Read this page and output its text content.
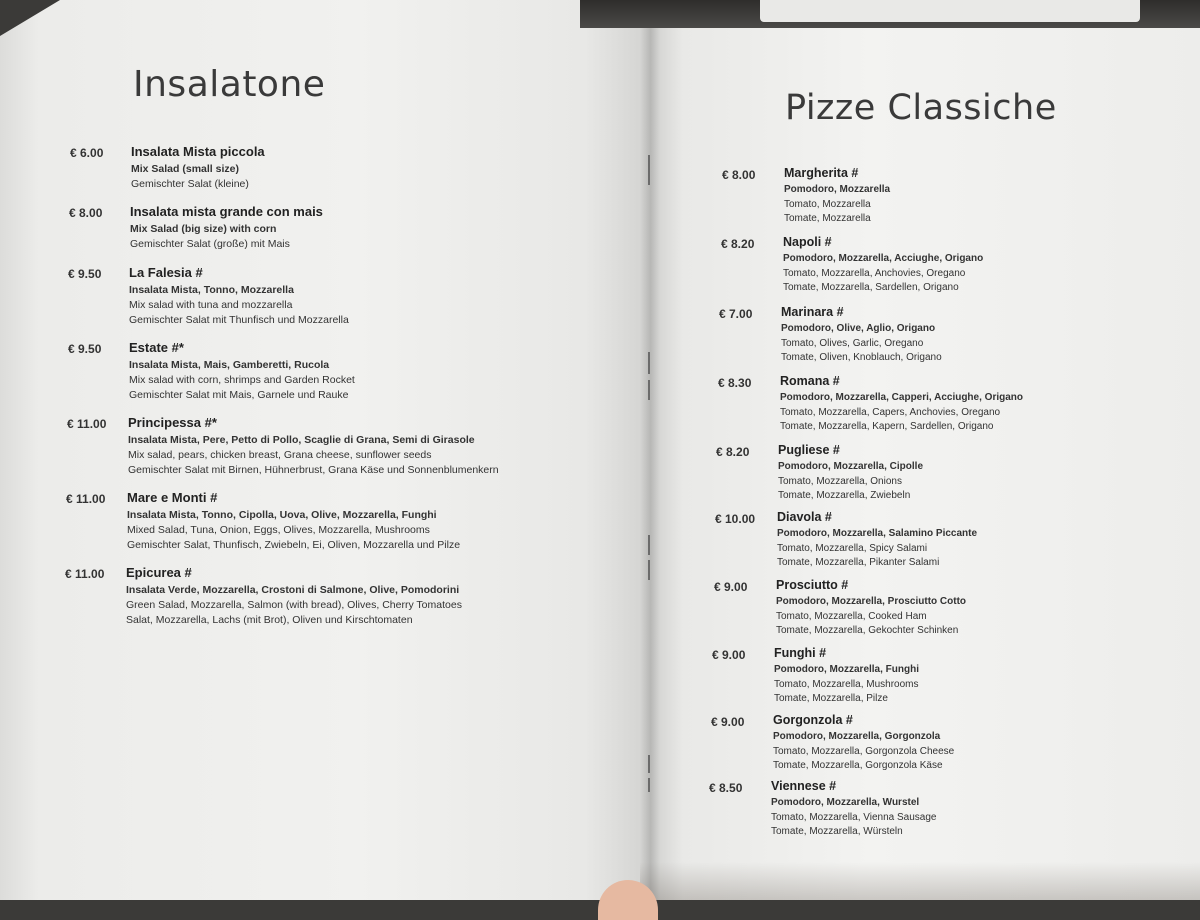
Insalatone
€ 6.00 Insalata Mista piccola
Mix Salad (small size)
Gemischter Salat (kleine)
€ 8.00 Insalata mista grande con mais
Mix Salad (big size) with corn
Gemischter Salat (große) mit Mais
€ 9.50 La Falesia #
Insalata Mista, Tonno, Mozzarella
Mix salad with tuna and mozzarella
Gemischter Salat mit Thunfisch und Mozzarella
€ 9.50 Estate #*
Insalata Mista, Mais, Gamberetti, Rucola
Mix salad with corn, shrimps and Garden Rocket
Gemischter Salat mit Mais, Garnele und Rauke
€ 11.00 Principessa #*
Insalata Mista, Pere, Petto di Pollo, Scaglie di Grana, Semi di Girasole
Mix salad, pears, chicken breast, Grana cheese, sunflower seeds
Gemischter Salat mit Birnen, Hühnerbrust, Grana Käse und Sonnenblumenkern
€ 11.00 Mare e Monti #
Insalata Mista, Tonno, Cipolla, Uova, Olive, Mozzarella, Funghi
Mixed Salad, Tuna, Onion, Eggs, Olives, Mozzarella, Mushrooms
Gemischter Salat, Thunfisch, Zwiebeln, Ei, Oliven, Mozzarella und Pilze
€ 11.00 Epicurea #
Insalata Verde, Mozzarella, Crostoni di Salmone, Olive, Pomodorini
Green Salad, Mozzarella, Salmon (with bread), Olives, Cherry Tomatoes
Salat, Mozzarella, Lachs (mit Brot), Oliven und Kirschtomaten
Pizze Classiche
€ 8.00 Margherita #
Pomodoro, Mozzarella
Tomato, Mozzarella
Tomate, Mozzarella
€ 8.20 Napoli #
Pomodoro, Mozzarella, Acciughe, Origano
Tomato, Mozzarella, Anchovies, Oregano
Tomate, Mozzarella, Sardellen, Origano
€ 7.00 Marinara #
Pomodoro, Olive, Aglio, Origano
Tomato, Olives, Garlic, Oregano
Tomate, Oliven, Knoblauch, Origano
€ 8.30 Romana #
Pomodoro, Mozzarella, Capperi, Acciughe, Origano
Tomato, Mozzarella, Capers, Anchovies, Oregano
Tomate, Mozzarella, Kapern, Sardellen, Origano
€ 8.20 Pugliese #
Pomodoro, Mozzarella, Cipolle
Tomato, Mozzarella, Onions
Tomate, Mozzarella, Zwiebeln
€ 10.00 Diavola #
Pomodoro, Mozzarella, Salamino Piccante
Tomato, Mozzarella, Spicy Salami
Tomate, Mozzarella, Pikanter Salami
€ 9.00 Prosciutto #
Pomodoro, Mozzarella, Prosciutto Cotto
Tomato, Mozzarella, Cooked Ham
Tomate, Mozzarella, Gekochter Schinken
€ 9.00 Funghi #
Pomodoro, Mozzarella, Funghi
Tomato, Mozzarella, Mushrooms
Tomate, Mozzarella, Pilze
€ 9.00 Gorgonzola #
Pomodoro, Mozzarella, Gorgonzola
Tomato, Mozzarella, Gorgonzola Cheese
Tomate, Mozzarella, Gorgonzola Käse
€ 8.50 Viennese #
Pomodoro, Mozzarella, Wurstel
Tomato, Mozzarella, Vienna Sausage
Tomate, Mozzarella, Würsteln
